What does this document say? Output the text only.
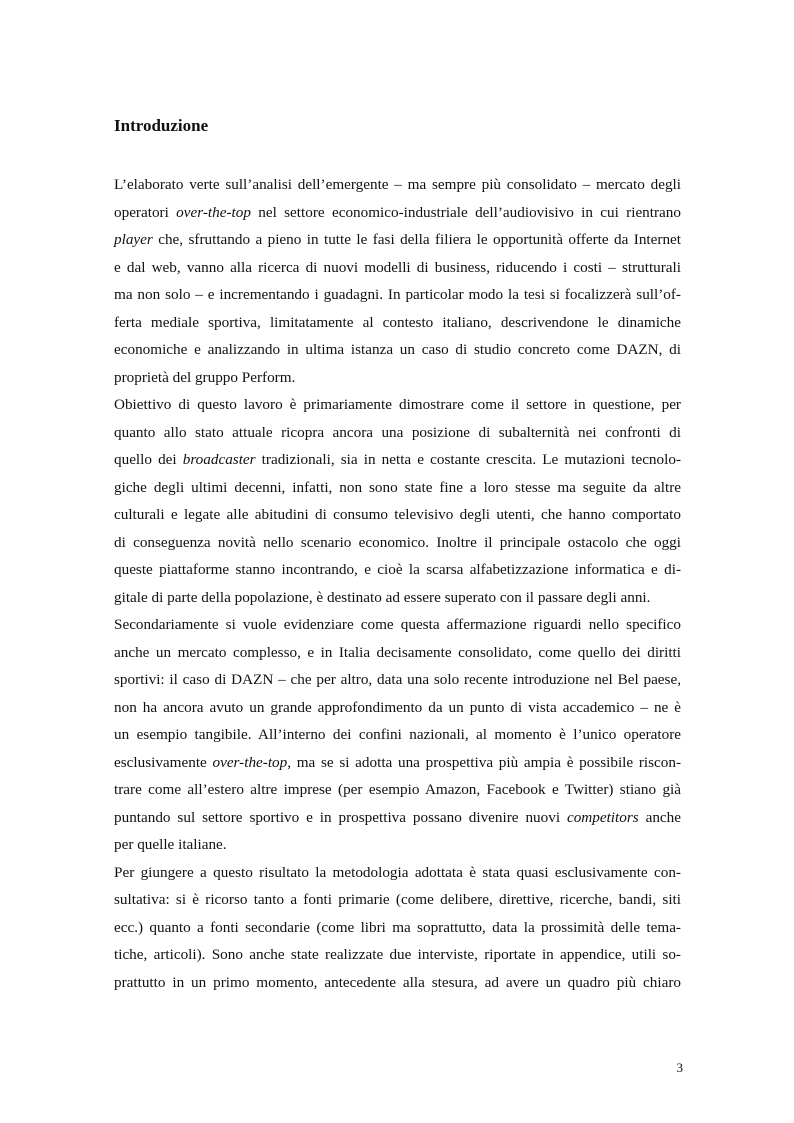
Introduzione

L’elaborato verte sull’analisi dell’emergente – ma sempre più consolidato – mercato degli
operatori over-the-top nel settore economico-industriale dell’audiovisivo in cui rientrano
player che, sfruttando a pieno in tutte le fasi della filiera le opportunità offerte da Internet
e dal web, vanno alla ricerca di nuovi modelli di business, riducendo i costi – strutturali
ma non solo – e incrementando i guadagni. In particolar modo la tesi si focalizzerà sull’of-
ferta mediale sportiva, limitatamente al contesto italiano, descrivendone le dinamiche
economiche e analizzando in ultima istanza un caso di studio concreto come DAZN, di
proprietà del gruppo Perform.

Obiettivo di questo lavoro è primariamente dimostrare come il settore in questione, per
quanto allo stato attuale ricopra ancora una posizione di subalternità nei confronti di
quello dei broadcaster tradizionali, sia in netta e costante crescita. Le mutazioni tecnolo-
giche degli ultimi decenni, infatti, non sono state fine a loro stesse ma seguite da altre
culturali e legate alle abitudini di consumo televisivo degli utenti, che hanno comportato
di conseguenza novità nello scenario economico. Inoltre il principale ostacolo che oggi
queste piattaforme stanno incontrando, e cioè la scarsa alfabetizzazione informatica e di-
gitale di parte della popolazione, è destinato ad essere superato con il passare degli anni.

Secondariamente si vuole evidenziare come questa affermazione riguardi nello specifico
anche un mercato complesso, e in Italia decisamente consolidato, come quello dei diritti
sportivi: il caso di DAZN – che per altro, data una solo recente introduzione nel Bel paese,
non ha ancora avuto un grande approfondimento da un punto di vista accademico – ne è
un esempio tangibile. All’interno dei confini nazionali, al momento è l’unico operatore
esclusivamente over-the-top, ma se si adotta una prospettiva più ampia è possibile riscon-
trare come all’estero altre imprese (per esempio Amazon, Facebook e Twitter) stiano già
puntando sul settore sportivo e in prospettiva possano divenire nuovi competitors anche
per quelle italiane.

Per giungere a questo risultato la metodologia adottata è stata quasi esclusivamente con-
sultativa: si è ricorso tanto a fonti primarie (come delibere, direttive, ricerche, bandi, siti
ecc.) quanto a fonti secondarie (come libri ma soprattutto, data la prossimità delle tema-
tiche, articoli). Sono anche state realizzate due interviste, riportate in appendice, utili so-
prattutto in un primo momento, antecedente alla stesura, ad avere un quadro più chiaro

3
